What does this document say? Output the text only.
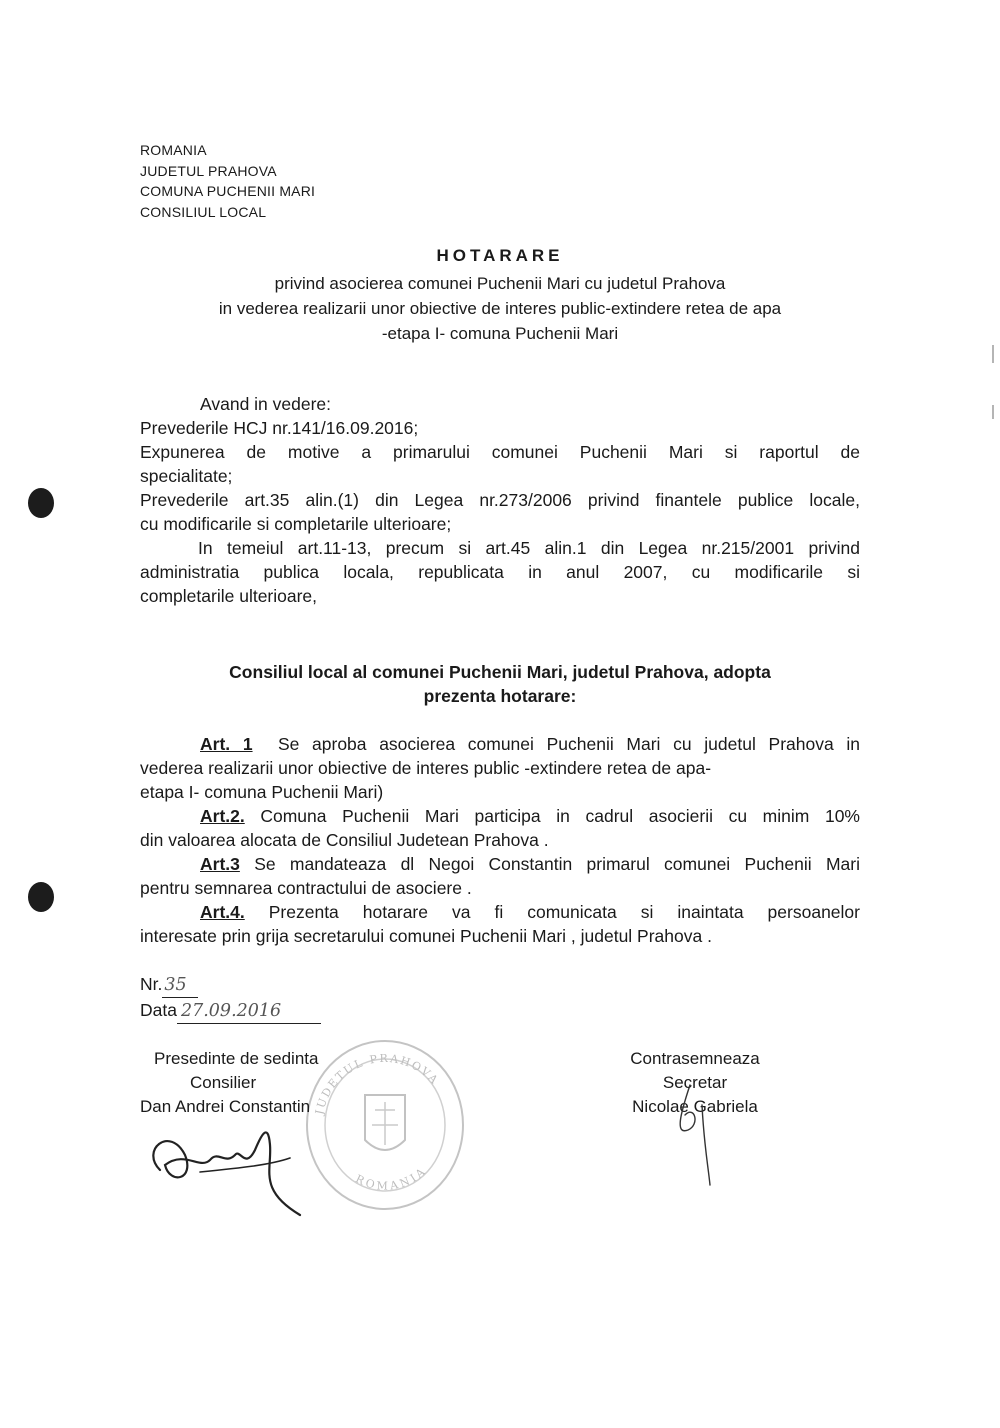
ROMANIA
JUDETUL PRAHOVA
COMUNA PUCHENII MARI
CONSILIUL LOCAL
HOTARARE
privind asocierea comunei Puchenii Mari cu judetul Prahova
in vederea realizarii unor obiective de interes public-extindere retea de apa
-etapa I- comuna Puchenii Mari
Avand in vedere:
Prevederile HCJ nr.141/16.09.2016;
Expunerea de motive a primarului comunei Puchenii Mari si raportul de
specialitate;
Prevederile art.35 alin.(1) din Legea nr.273/2006 privind finantele publice locale,
cu modificarile si completarile ulterioare;
In temeiul art.11-13, precum si art.45 alin.1 din Legea nr.215/2001 privind
administratia publica locala, republicata in anul 2007, cu modificarile si
completarile ulterioare,
Consiliul local al comunei Puchenii Mari, judetul Prahova, adopta
prezenta hotarare:
Art. 1 Se aproba asocierea comunei Puchenii Mari cu judetul Prahova in
vederea realizarii unor obiective de interes public -extindere retea de apa-
etapa I- comuna Puchenii Mari)
Art.2. Comuna Puchenii Mari participa in cadrul asocierii cu minim 10%
din valoarea alocata de Consiliul Judetean Prahova .
Art.3 Se mandateaza dl Negoi Constantin primarul comunei Puchenii Mari
pentru semnarea contractului de asociere .
Art.4. Prezenta hotarare va fi comunicata si inaintata persoanelor
interesate prin grija secretarului comunei Puchenii Mari , judetul Prahova .
Nr. 35
Data 27.09.2016
JUDETUL PRAHOVA
ROMANIA
Presedinte de sedinta
Consilier
Dan Andrei Constantin
Contrasemneaza
Secretar
Nicolae Gabriela
